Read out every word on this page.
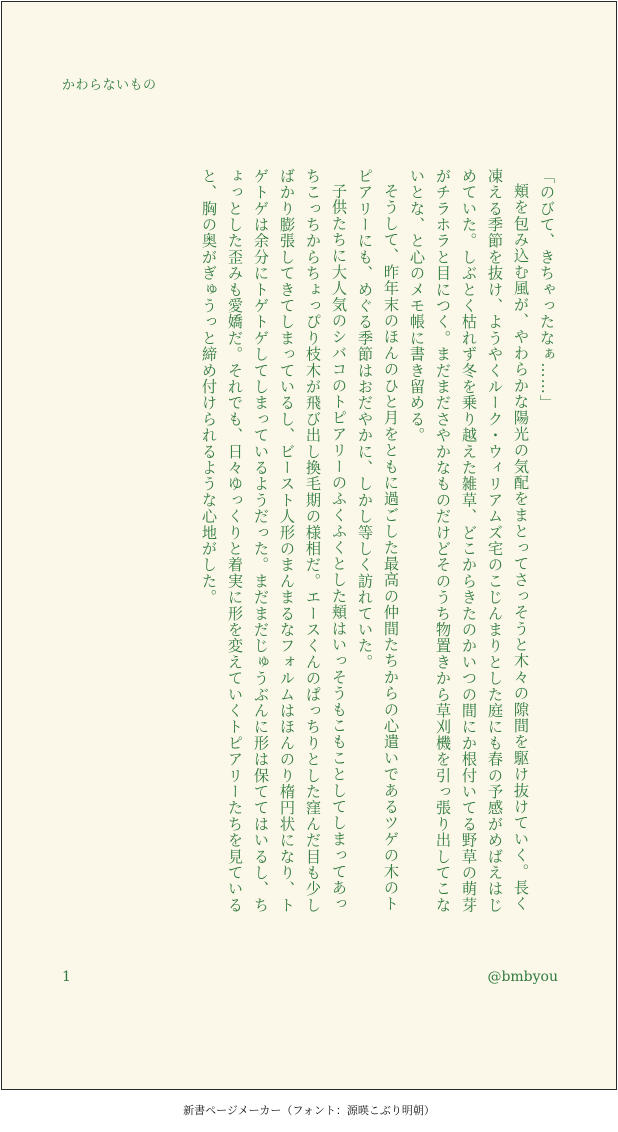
かわらないもの

「のびて、きちゃったなぁ……」

頬を包み込む風が、やわらかな陽光の気配をまとってさっそうと木々の隙間を駆け抜けていく。長く凍える季節を抜け、ようやくルーク・ウィリアムズ宅のこじんまりとした庭にも春の予感がめばえはじめていた。しぶとく枯れず冬を乗り越えた雑草、どこからきたのかいつの間にか根付いてる野草の萌芽がチラホラと目につく。まだまださやかなものだけどそのうち物置きから草刈機を引っ張り出してこないとな、と心のメモ帳に書き留める。

そうして、昨年末のほんのひと月をともに過ごした最高の仲間たちからの心遣いであるツゲの木のトピアリーにも、めぐる季節はおだやかに、しかし等しく訪れていた。

子供たちに大人気のシバコのトピアリーのふくふくとした頬はいっそうもこもことしてしまってあっちこっちからちょっぴり枝木が飛び出し換毛期の様相だ。エースくんのぱっちりとした窪んだ目も少しばかり膨張してきてしまっているし、ビースト人形のまんまるなフォルムはほんのり楕円状になり、トゲトゲは余分にトゲトゲしてしまっているようだった。まだまだじゅうぶんに形は保ててはいるし、ちょっとした歪みも愛嬌だ。それでも、日々ゆっくりと着実に形を変えていくトピアリーたちを見ていると、胸の奥がぎゅうっと締め付けられるような心地がした。

1	@bmbyou
新書ページメーカー（フォント：源暎こぶり明朝）
